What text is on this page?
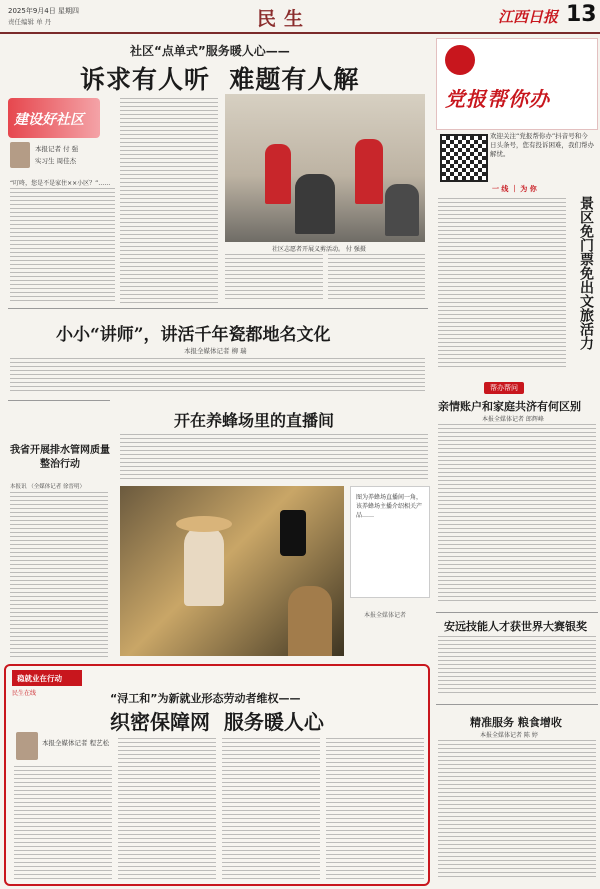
2025年9月4日 星期四
责任编辑 单 丹	民生	江西日报 13
社区“点单式”服务暖人心——
诉求有人听  难题有人解
建设好社区
本报记者 付 强
实习生 周佳杰
“叮咚，您是不是家住××小区？”……
社区志愿者开展义剪活动。 付 强摄
党报帮你办
欢迎关注“党报帮你办”抖音号和今日头条号，您有投诉困难，我们帮办解忧。
一 线 ｜ 为 你
景区免门票免出文旅活力
小小“讲师”，讲活千年瓷都地名文化
本报全媒体记者 柳 瑞
帮办帮问
亲情账户和家庭共济有何区别
本报全媒体记者 郎辉峰
安远技能人才获世界大赛银奖
精准服务 粮食增收
本报全媒体记者 陈 婷
我省开展排水管网质量整治行动
本报讯 （全媒体记者 徐晋明）
开在养蜂场里的直播间
图为养蜂场直播间一角，该养蜂场主播介绍相关产品……
本报全媒体记者
稳就业在行动
民生在线	“浔工和”为新就业形态劳动者维权——
织密保障网  服务暖人心
本报全媒体记者 程艺松
